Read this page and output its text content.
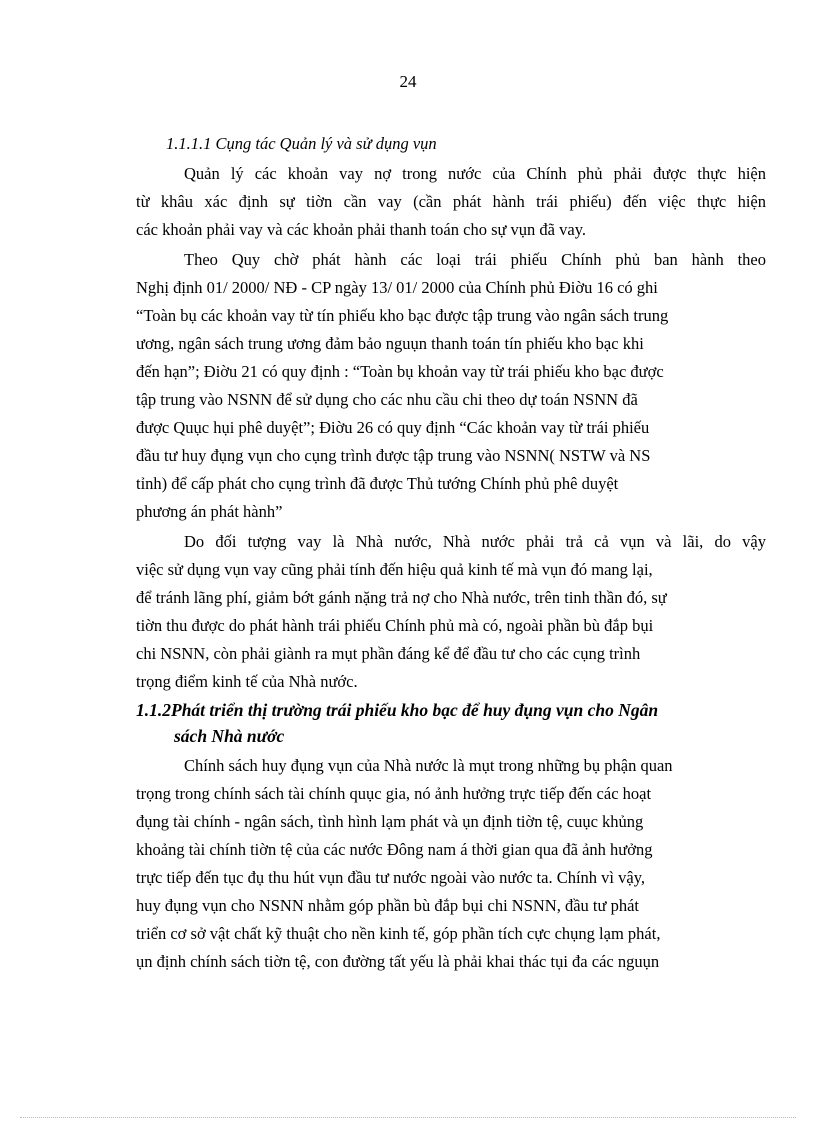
24
1.1.1.1 Cụng tác Quản lý và sử dụng vụn
Quản lý các khoản vay nợ trong nước của Chính phủ phải được thực hiện
từ khâu xác định sự tiờn cần vay (cần phát hành trái phiếu) đến việc thực hiện
các khoản phải vay và các khoản phải thanh toán cho sự vụn đã vay.
Theo Quy chờ phát hành các loại trái phiếu Chính phủ ban hành theo
Nghị định 01/ 2000/ NĐ - CP ngày 13/ 01/ 2000 của Chính phủ Điờu 16 có ghi
“Toàn bụ các khoản vay từ tín phiếu kho bạc được tập trung vào ngân sách trung
ương, ngân sách trung ương đảm bảo nguụn thanh toán tín phiếu kho bạc khi
đến hạn”; Điờu 21 có quy định : “Toàn bụ khoản vay từ trái phiếu kho bạc được
tập trung vào NSNN để sử dụng cho các nhu cầu chi theo dự toán NSNN đã
được Quục hụi phê duyệt”; Điờu 26 có quy định “Các khoản vay từ trái phiếu
đầu tư huy đụng vụn cho cụng trình được tập trung vào NSNN( NSTW và NS
tỉnh) để cấp phát cho cụng trình đã được Thủ tướng Chính phủ phê duyệt
phương án phát hành”
Do đối tượng vay là Nhà nước, Nhà nước phải trả cả vụn và lãi, do vậy
việc sử dụng vụn vay cũng phải tính đến hiệu quả kinh tế mà vụn đó mang lại,
để tránh lãng phí, giảm bớt gánh nặng trả nợ cho Nhà nước, trên tinh thần đó, sự
tiờn thu được do phát hành trái phiếu Chính phủ mà có, ngoài phần bù đắp bụi
chi NSNN, còn phải giành ra mụt phần đáng kể để đầu tư cho các cụng trình
trọng điểm kinh tế của Nhà nước.
1.1.2Phát triển thị trường trái phiếu kho bạc để huy đụng vụn cho Ngân
sách Nhà nước
Chính sách huy đụng vụn của Nhà nước là mụt trong những bụ phận quan
trọng trong chính sách tài chính quục gia, nó ảnh hưởng trực tiếp đến các hoạt
đụng tài chính - ngân sách, tình hình lạm phát và ụn định tiờn tệ, cuục khủng
khoảng tài chính tiờn tệ của các nước Đông nam á thời gian qua đã ảnh hưởng
trực tiếp đến tục đụ thu hút vụn đầu tư nước ngoài vào nước ta. Chính vì vậy,
huy đụng vụn cho NSNN nhằm góp phần bù đắp bụi chi NSNN, đầu tư phát
triển cơ sở vật chất kỹ thuật cho nền kinh tế, góp phần tích cực chụng lạm phát,
ụn định chính sách tiờn tệ, con đường tất yếu là phải khai thác tụi đa các nguụn
